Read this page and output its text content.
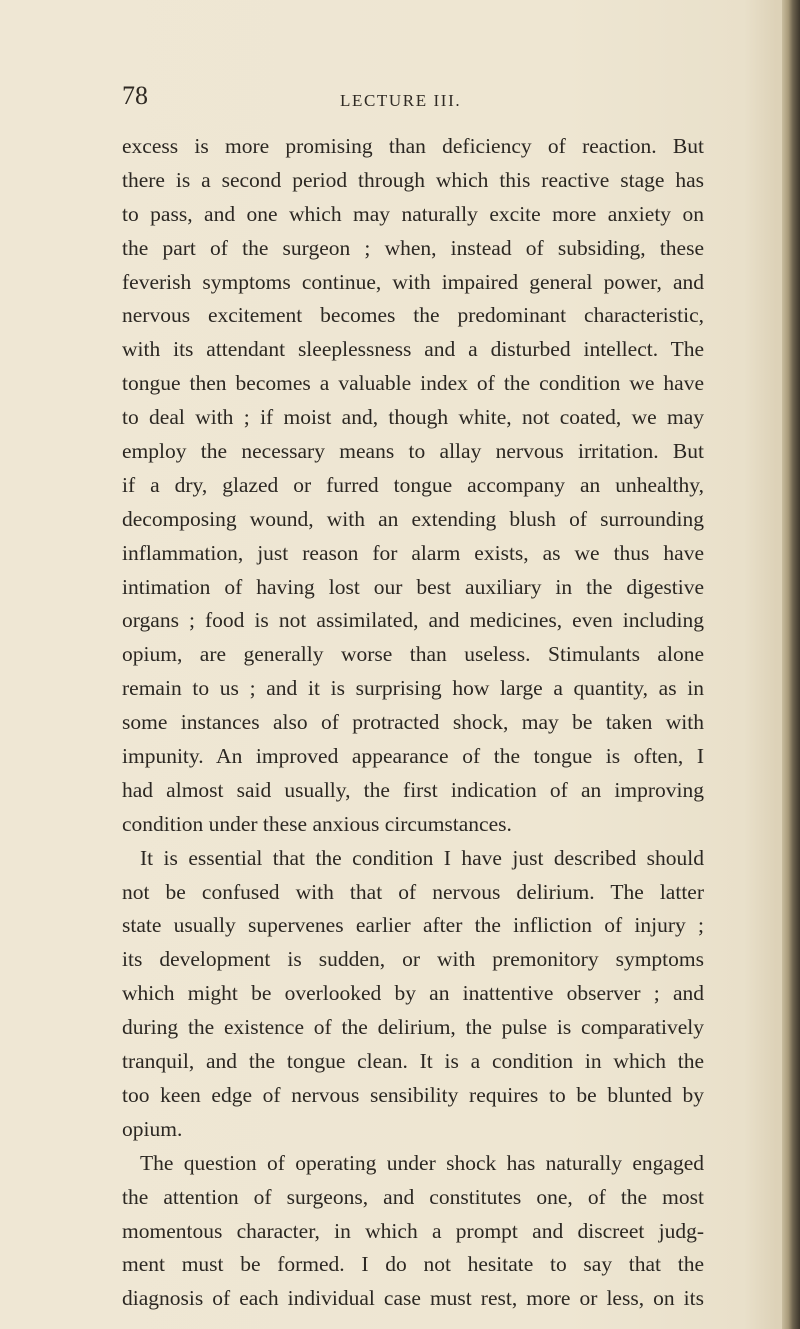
78	LECTURE III.
excess is more promising than deficiency of reaction. But
there is a second period through which this reactive stage has
to pass, and one which may naturally excite more anxiety on
the part of the surgeon ; when, instead of subsiding, these
feverish symptoms continue, with impaired general power, and
nervous excitement becomes the predominant characteristic,
with its attendant sleeplessness and a disturbed intellect. The
tongue then becomes a valuable index of the condition we have
to deal with ; if moist and, though white, not coated, we may
employ the necessary means to allay nervous irritation. But
if a dry, glazed or furred tongue accompany an unhealthy,
decomposing wound, with an extending blush of surrounding
inflammation, just reason for alarm exists, as we thus have
intimation of having lost our best auxiliary in the digestive
organs ; food is not assimilated, and medicines, even including
opium, are generally worse than useless. Stimulants alone
remain to us ; and it is surprising how large a quantity, as in
some instances also of protracted shock, may be taken with
impunity. An improved appearance of the tongue is often, I
had almost said usually, the first indication of an improving
condition under these anxious circumstances.
It is essential that the condition I have just described should
not be confused with that of nervous delirium. The latter
state usually supervenes earlier after the infliction of injury ;
its development is sudden, or with premonitory symptoms
which might be overlooked by an inattentive observer ; and
during the existence of the delirium, the pulse is comparatively
tranquil, and the tongue clean. It is a condition in which the
too keen edge of nervous sensibility requires to be blunted by
opium.
The question of operating under shock has naturally engaged
the attention of surgeons, and constitutes one, of the most
momentous character, in which a prompt and discreet judg-
ment must be formed. I do not hesitate to say that the
diagnosis of each individual case must rest, more or less, on its
